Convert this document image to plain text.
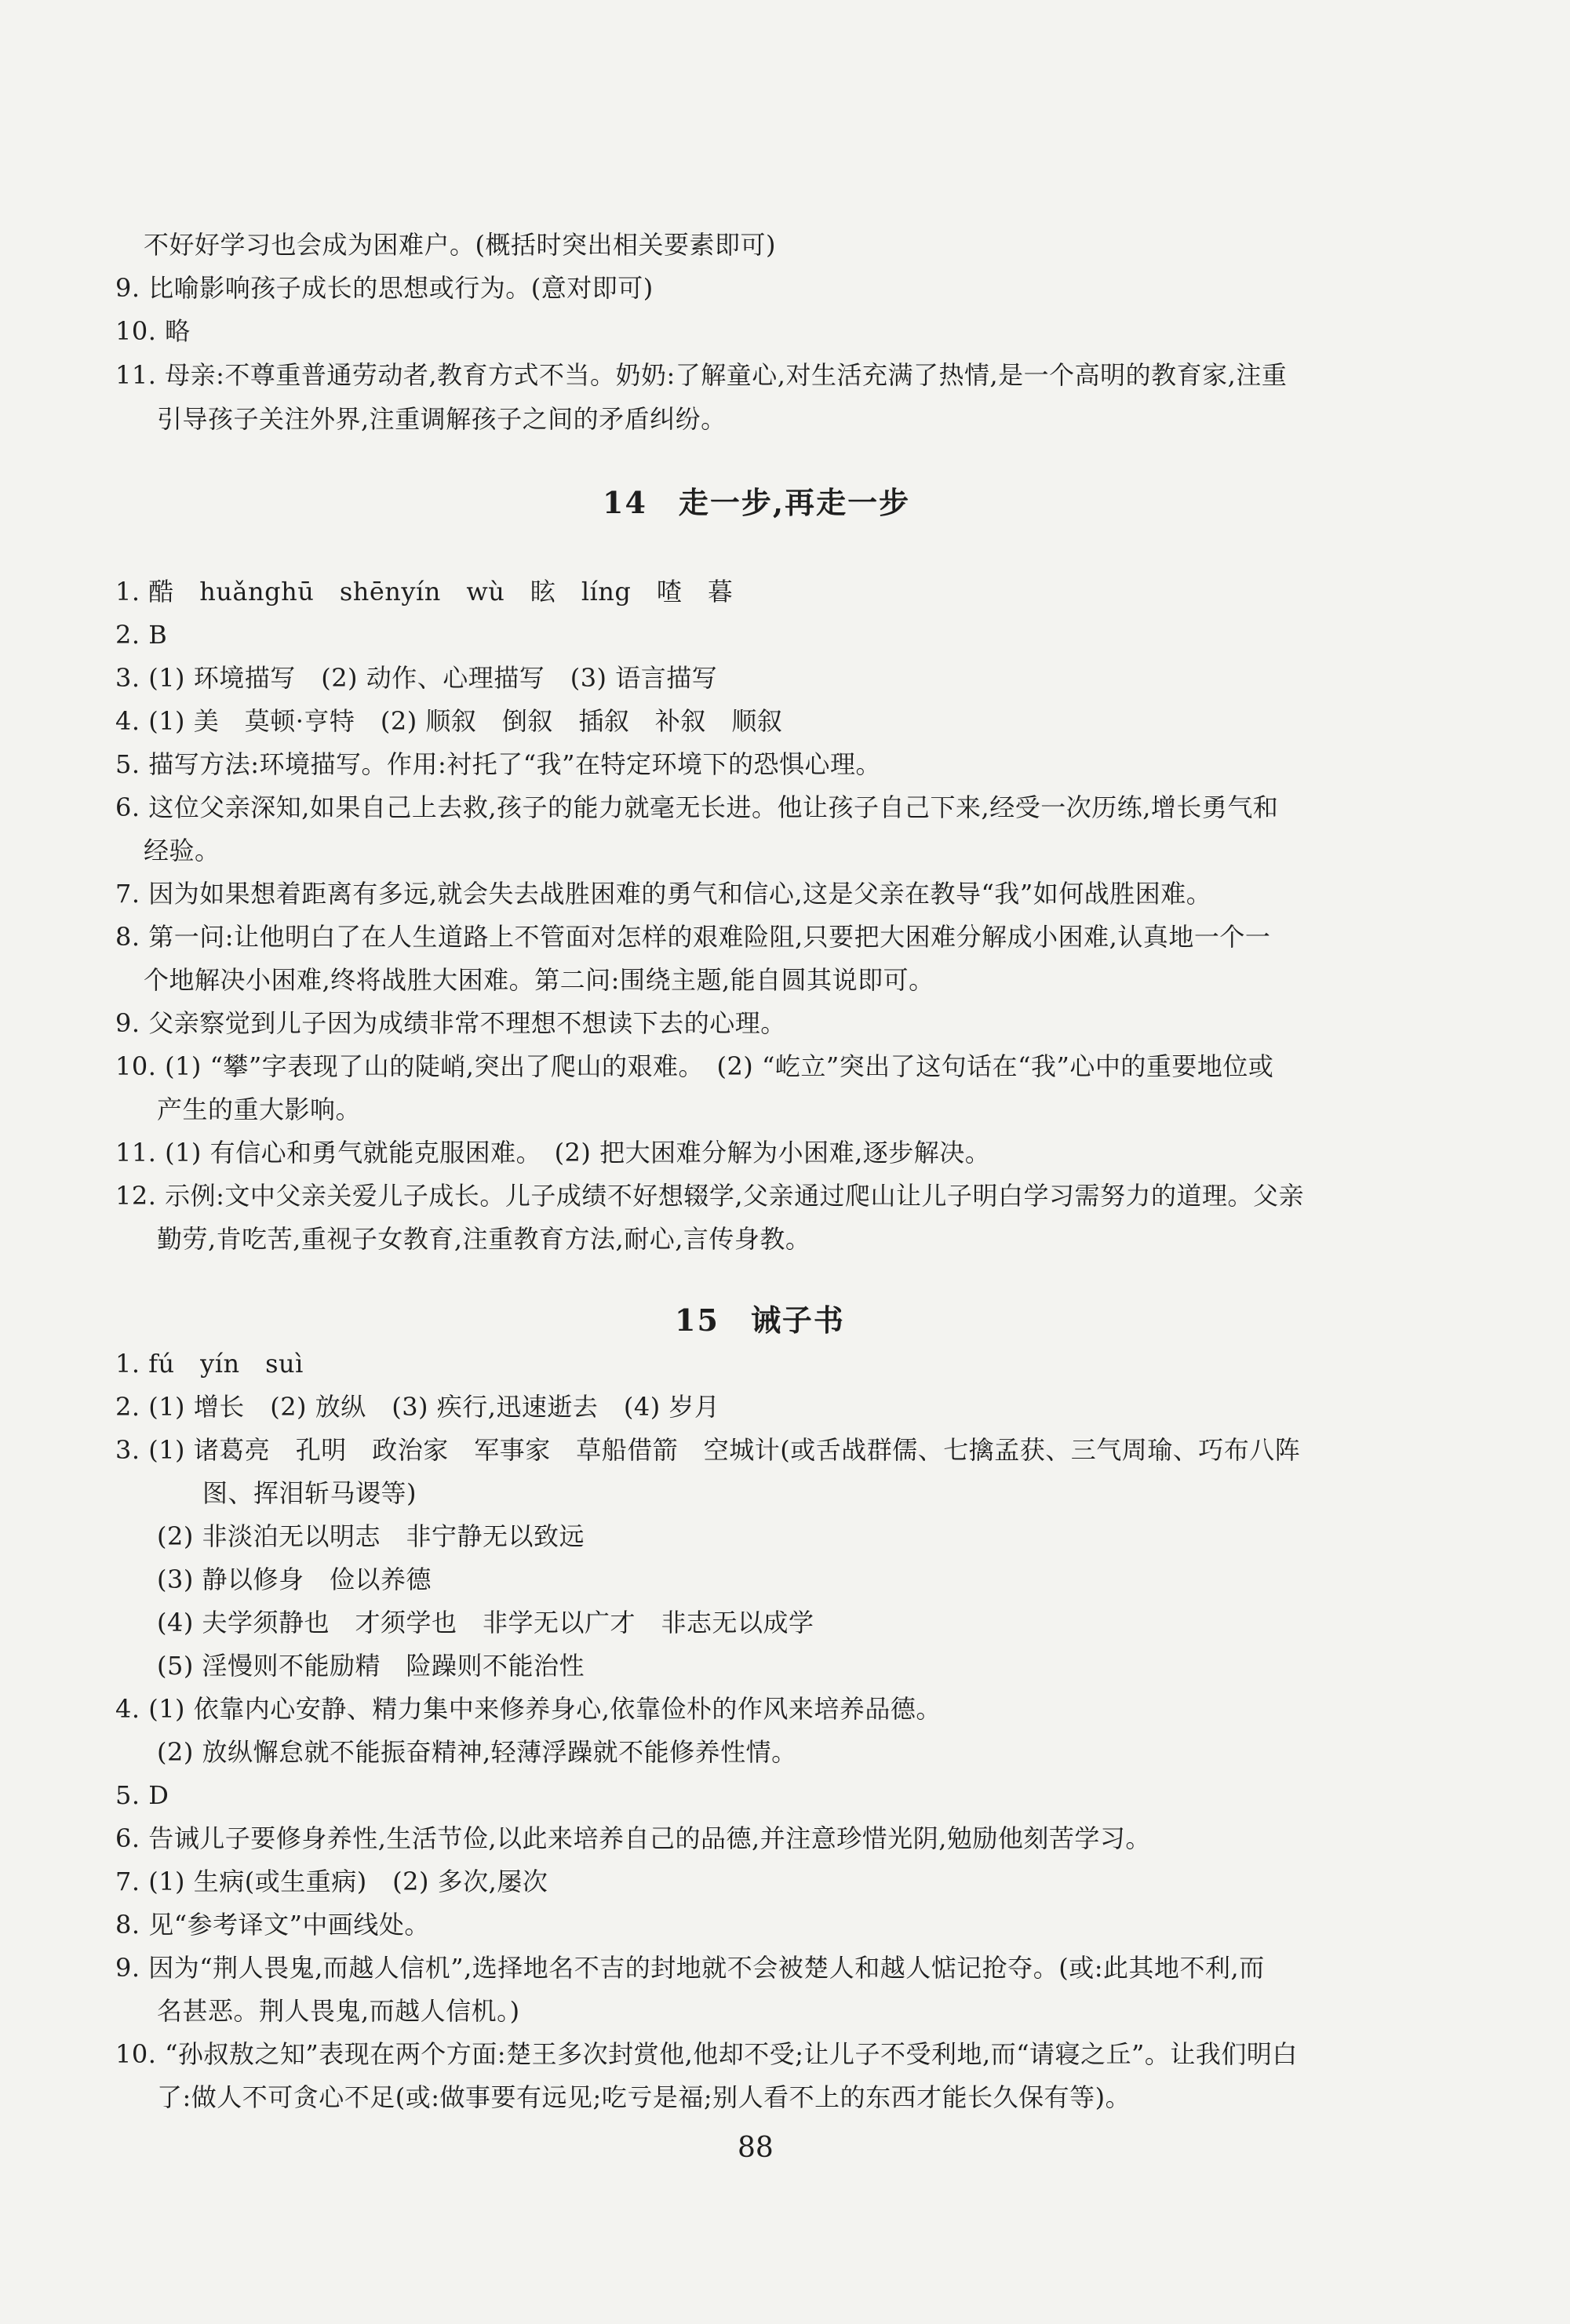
不好好学习也会成为困难户。(概括时突出相关要素即可)
9. 比喻影响孩子成长的思想或行为。(意对即可)
10. 略
11. 母亲:不尊重普通劳动者,教育方式不当。奶奶:了解童心,对生活充满了热情,是一个高明的教育家,注重
引导孩子关注外界,注重调解孩子之间的矛盾纠纷。
14　走一步,再走一步
1. 酷　huǎnghū　shēnyín　wù　眩　líng　喳　暮
2. B
3. (1) 环境描写　(2) 动作、心理描写　(3) 语言描写
4. (1) 美　莫顿·亨特　(2) 顺叙　倒叙　插叙　补叙　顺叙
5. 描写方法:环境描写。作用:衬托了“我”在特定环境下的恐惧心理。
6. 这位父亲深知,如果自己上去救,孩子的能力就毫无长进。他让孩子自己下来,经受一次历练,增长勇气和
经验。
7. 因为如果想着距离有多远,就会失去战胜困难的勇气和信心,这是父亲在教导“我”如何战胜困难。
8. 第一问:让他明白了在人生道路上不管面对怎样的艰难险阻,只要把大困难分解成小困难,认真地一个一
个地解决小困难,终将战胜大困难。第二问:围绕主题,能自圆其说即可。
9. 父亲察觉到儿子因为成绩非常不理想不想读下去的心理。
10. (1) “攀”字表现了山的陡峭,突出了爬山的艰难。　(2) “屹立”突出了这句话在“我”心中的重要地位或
产生的重大影响。
11. (1) 有信心和勇气就能克服困难。　(2) 把大困难分解为小困难,逐步解决。
12. 示例:文中父亲关爱儿子成长。儿子成绩不好想辍学,父亲通过爬山让儿子明白学习需努力的道理。父亲
勤劳,肯吃苦,重视子女教育,注重教育方法,耐心,言传身教。
15　诫子书
1. fú　yín　suì
2. (1) 增长　(2) 放纵　(3) 疾行,迅速逝去　(4) 岁月
3. (1) 诸葛亮　孔明　政治家　军事家　草船借箭　空城计(或舌战群儒、七擒孟获、三气周瑜、巧布八阵
图、挥泪斩马谡等)
(2) 非淡泊无以明志　非宁静无以致远
(3) 静以修身　俭以养德
(4) 夫学须静也　才须学也　非学无以广才　非志无以成学
(5) 淫慢则不能励精　险躁则不能治性
4. (1) 依靠内心安静、精力集中来修养身心,依靠俭朴的作风来培养品德。
(2) 放纵懈怠就不能振奋精神,轻薄浮躁就不能修养性情。
5. D
6. 告诫儿子要修身养性,生活节俭,以此来培养自己的品德,并注意珍惜光阴,勉励他刻苦学习。
7. (1) 生病(或生重病)　(2) 多次,屡次
8. 见“参考译文”中画线处。
9. 因为“荆人畏鬼,而越人信机”,选择地名不吉的封地就不会被楚人和越人惦记抢夺。(或:此其地不利,而
名甚恶。荆人畏鬼,而越人信机。)
10. “孙叔敖之知”表现在两个方面:楚王多次封赏他,他却不受;让儿子不受利地,而“请寝之丘”。让我们明白
了:做人不可贪心不足(或:做事要有远见;吃亏是福;别人看不上的东西才能长久保有等)。
88
